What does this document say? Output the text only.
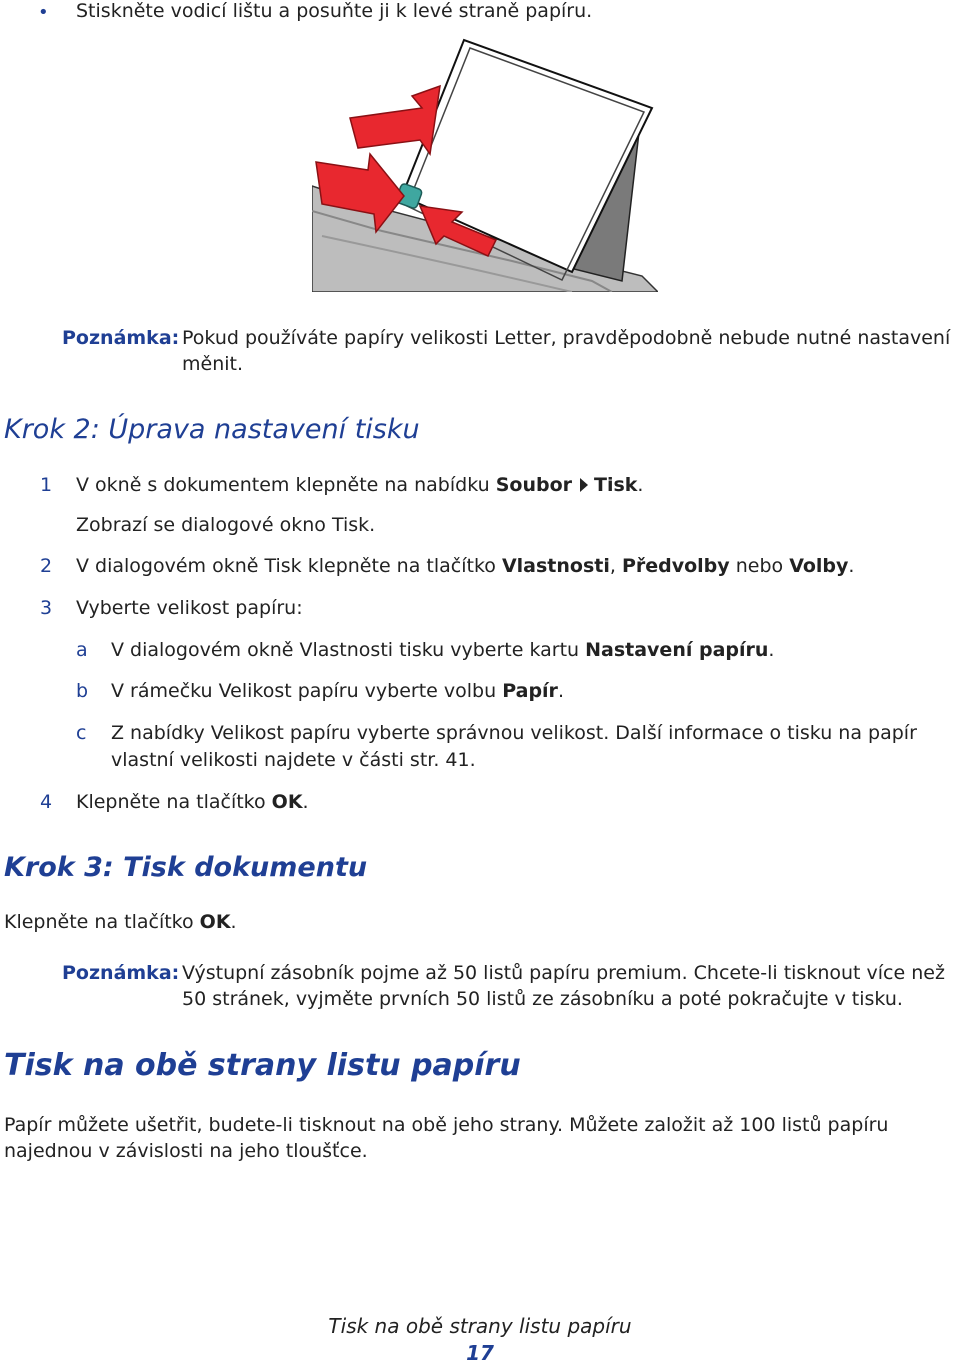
• Stiskněte vodicí lištu a posuňte ji k levé straně papíru.
Poznámka: Pokud používáte papíry velikosti Letter, pravděpodobně nebude nutné nastavení
měnit.
Krok 2: Úprava nastavení tisku
1 V okně s dokumentem klepněte na nabídku Soubor Tisk.
Zobrazí se dialogové okno Tisk.
2 V dialogovém okně Tisk klepněte na tlačítko Vlastnosti, Předvolby nebo Volby.
3 Vyberte velikost papíru:
a V dialogovém okně Vlastnosti tisku vyberte kartu Nastavení papíru.
b V rámečku Velikost papíru vyberte volbu Papír.
c Z nabídky Velikost papíru vyberte správnou velikost. Další informace o tisku na papír
vlastní velikosti najdete v části str. 41.
4 Klepněte na tlačítko OK.
Krok 3: Tisk dokumentu
Klepněte na tlačítko OK.
Poznámka: Výstupní zásobník pojme až 50 listů papíru premium. Chcete-li tisknout více než
50 stránek, vyjměte prvních 50 listů ze zásobníku a poté pokračujte v tisku.
Tisk na obě strany listu papíru
Papír můžete ušetřit, budete-li tisknout na obě jeho strany. Můžete založit až 100 listů papíru
najednou v závislosti na jeho tloušťce.
Tisk na obě strany listu papíru
17
